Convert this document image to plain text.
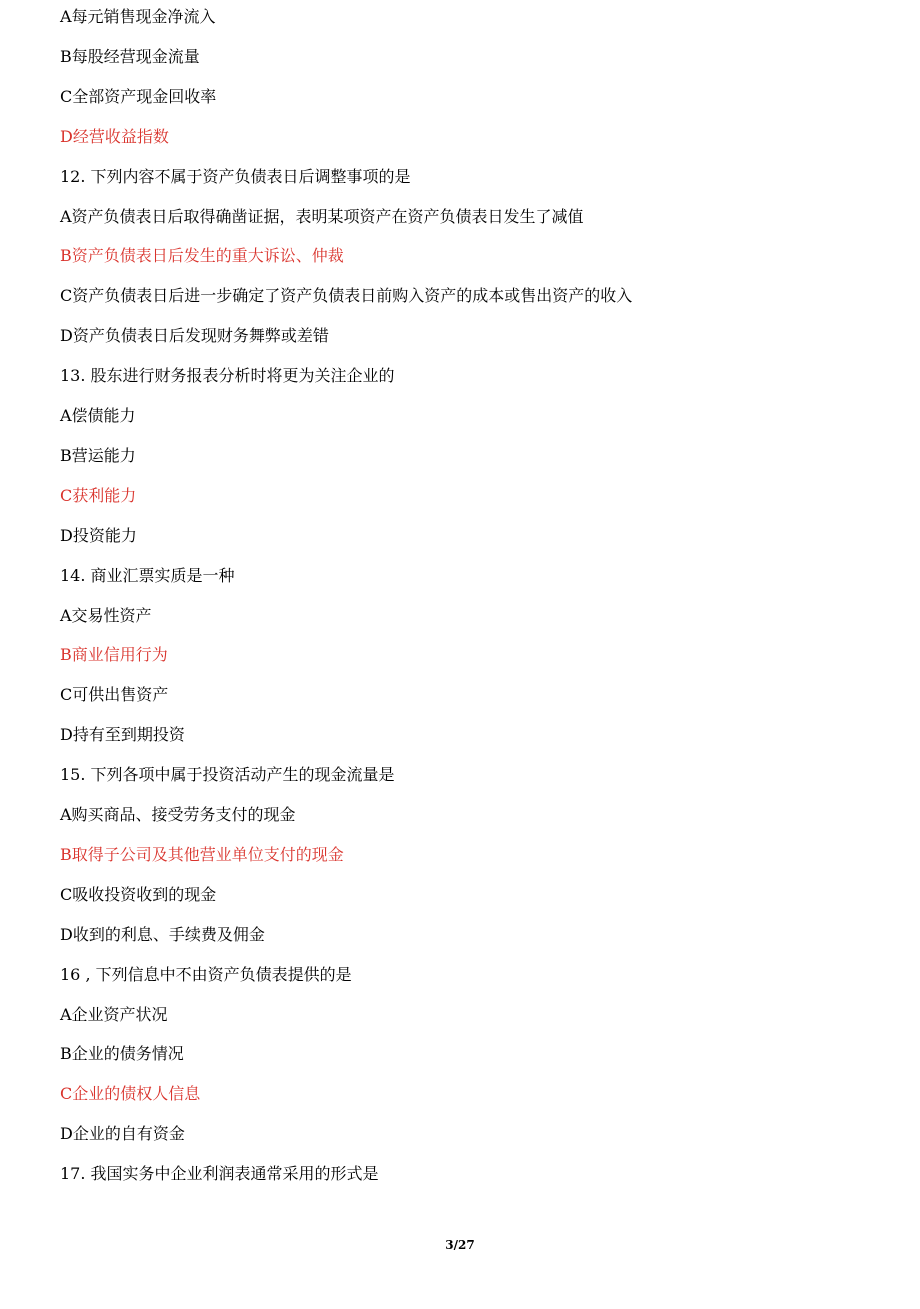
A每元销售现金净流入
B每股经营现金流量
C全部资产现金回收率
D经营收益指数
12. 下列内容不属于资产负债表日后调整事项的是
A资产负债表日后取得确凿证据，表明某项资产在资产负债表日发生了减值
B资产负债表日后发生的重大诉讼、仲裁
C资产负债表日后进一步确定了资产负债表日前购入资产的成本或售出资产的收入
D资产负债表日后发现财务舞弊或差错
13. 股东进行财务报表分析时将更为关注企业的
A偿债能力
B营运能力
C获利能力
D投资能力
14. 商业汇票实质是一种
A交易性资产
B商业信用行为
C可供出售资产
D持有至到期投资
15. 下列各项中属于投资活动产生的现金流量是
A购买商品、接受劳务支付的现金
B取得子公司及其他营业单位支付的现金
C吸收投资收到的现金
D收到的利息、手续费及佣金
16 , 下列信息中不由资产负债表提供的是
A企业资产状况
B企业的债务情况
C企业的债权人信息
D企业的自有资金
17. 我国实务中企业利润表通常采用的形式是
3/27
